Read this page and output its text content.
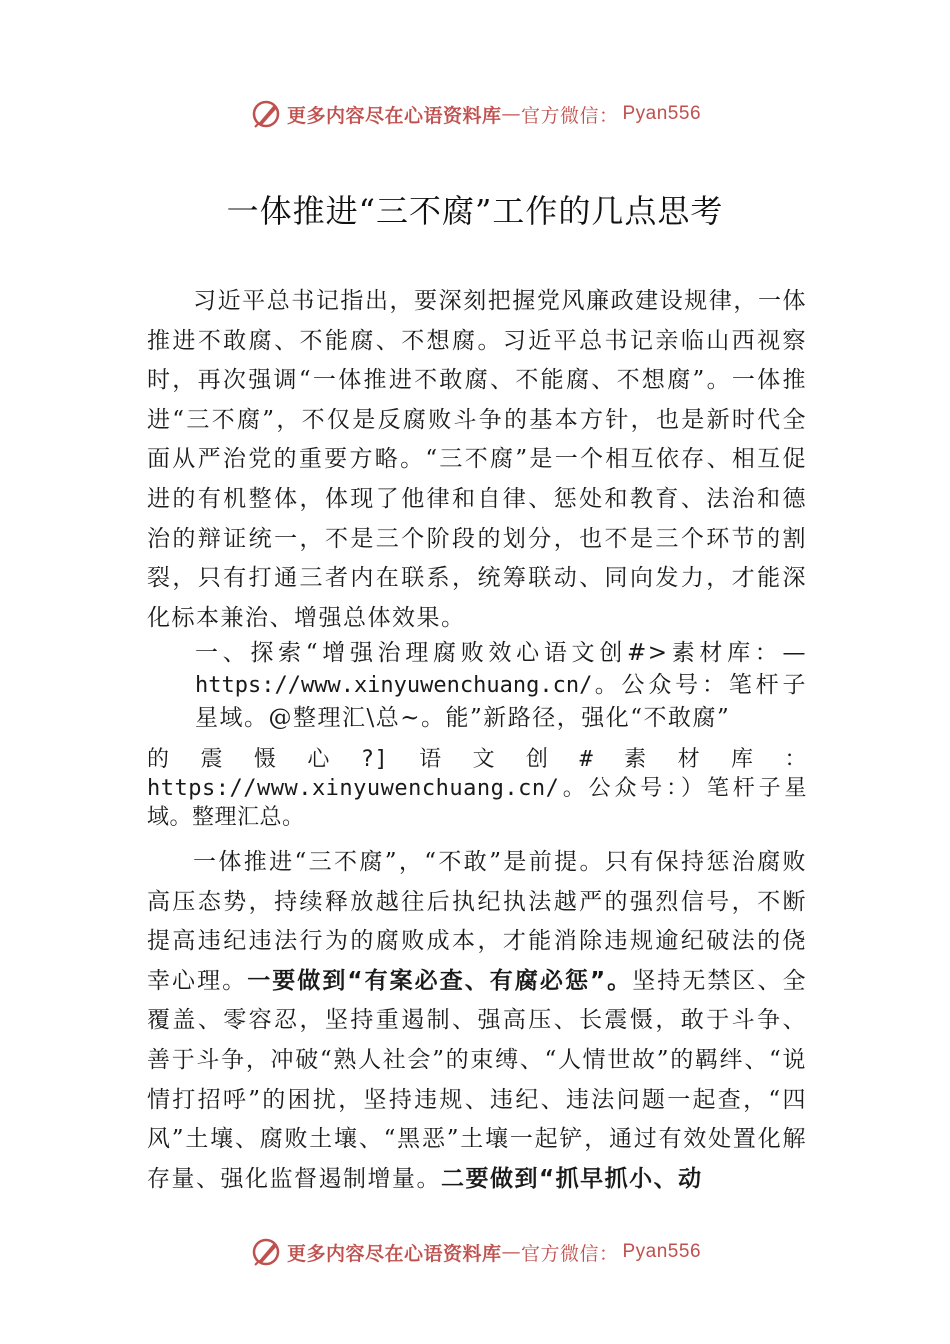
更多内容尽在心语资料库 — 官方微信： Pyan556
一体推进“三不腐”工作的几点思考
习近平总书记指出，要深刻把握党风廉政建设规律，一体推进不敢腐、不能腐、不想腐。习近平总书记亲临山西视察时，再次强调“一体推进不敢腐、不能腐、不想腐”。一体推进“三不腐”，不仅是反腐败斗争的基本方针，也是新时代全面从严治党的重要方略。“三不腐”是一个相互依存、相互促进的有机整体，体现了他律和自律、惩处和教育、法治和德治的辩证统一，不是三个阶段的划分，也不是三个环节的割裂，只有打通三者内在联系，统筹联动、同向发力，才能深化标本兼治、增强总体效果。
一、探索“增强治理腐败效心语文创#>素材库：—https://www.xinyuwenchuang.cn/。公众号：笔杆子星域。@整理汇\总~。能”新路径，强化“不敢腐”
的震慑心?]语文创#素材库：https://www.xinyuwenchuang.cn/。公众号：）笔杆子星域。整理汇总。
一体推进“三不腐”，“不敢”是前提。只有保持惩治腐败高压态势，持续释放越往后执纪执法越严的强烈信号，不断提高违纪违法行为的腐败成本，才能消除违规逾纪破法的侥幸心理。一要做到“有案必查、有腐必惩”。坚持无禁区、全覆盖、零容忍，坚持重遏制、强高压、长震慑，敢于斗争、 善于斗争，冲破“熟人社会”的束缚、“人情世故”的羁绊、“说情打招呼”的困扰，坚持违规、违纪、违法问题一起查，“四风”土壤、腐败土壤、“黑恶”土壤一起铲，通过有效处置化解存量、强化监督遏制增量。二要做到“抓早抓小、动
更多内容尽在心语资料库 — 官方微信： Pyan556
